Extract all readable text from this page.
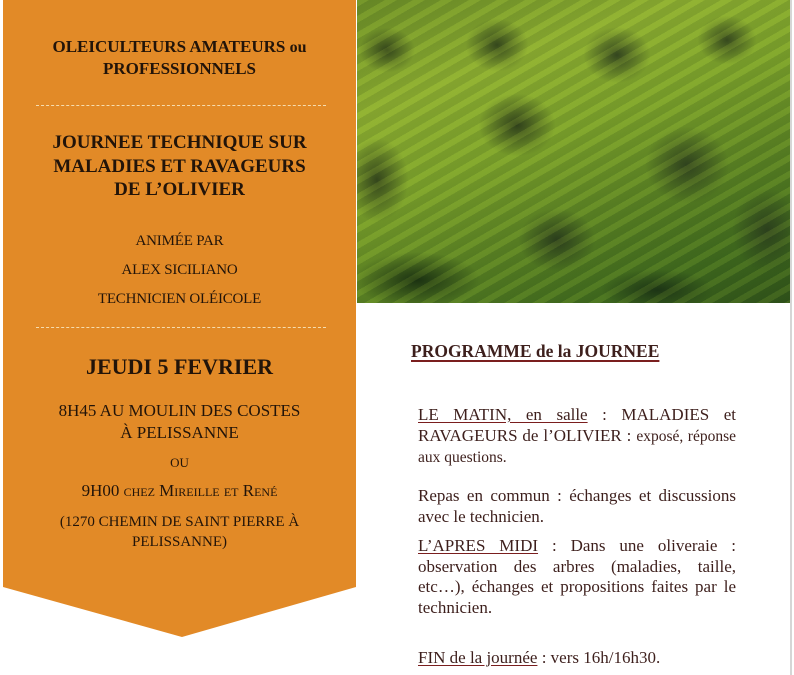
OLEICULTEURS AMATEURS ou
PROFESSIONNELS
JOURNEE TECHNIQUE SUR
MALADIES ET RAVAGEURS
DE L’OLIVIER
ANIMÉE PAR
ALEX SICILIANO
TECHNICIEN OLÉICOLE
JEUDI 5 FEVRIER
8H45 AU MOULIN DES COSTES
À PELISSANNE
OU
9H00 chez Mireille et René
(1270 CHEMIN DE SAINT PIERRE À
PELISSANNE)
PROGRAMME de la JOURNEE
LE MATIN, en salle : MALADIES et RAVAGEURS de l’OLIVIER : exposé, réponse aux questions.
Repas en commun : échanges et discussions avec le technicien.
L’APRES MIDI : Dans une oliveraie : observation des arbres (maladies, taille, etc…), échanges et propositions faites par le technicien.
FIN de la journée : vers 16h/16h30.
